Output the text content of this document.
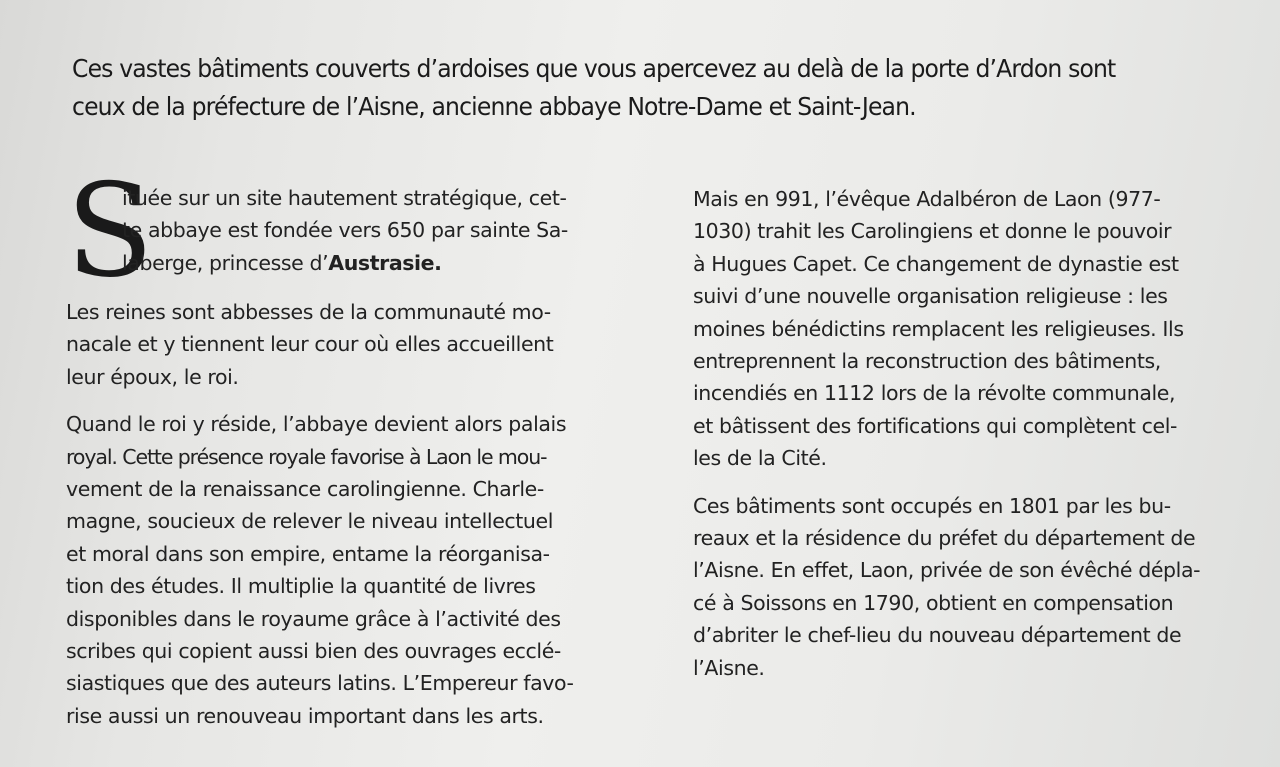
Ces vastes bâtiments couverts d’ardoises que vous apercevez au delà de la porte d’Ardon sont
ceux de la préfecture de l’Aisne, ancienne abbaye Notre-Dame et Saint-Jean.
S
ituée sur un site hautement stratégique, cet-
te abbaye est fondée vers 650 par sainte Sa-
laberge, princesse d’Austrasie.

Les reines sont abbesses de la communauté mo-
nacale et y tiennent leur cour où elles accueillent
leur époux, le roi.

Quand le roi y réside, l’abbaye devient alors palais
royal. Cette présence royale favorise à Laon le mou-
vement de la renaissance carolingienne. Charle-
magne, soucieux de relever le niveau intellectuel
et moral dans son empire, entame la réorganisa-
tion des études. Il multiplie la quantité de livres
disponibles dans le royaume grâce à l’activité des
scribes qui copient aussi bien des ouvrages ecclé-
siastiques que des auteurs latins. L’Empereur favo-
rise aussi un renouveau important dans les arts.

Mais en 991, l’évêque Adalbéron de Laon (977-
1030) trahit les Carolingiens et donne le pouvoir
à Hugues Capet. Ce changement de dynastie est
suivi d’une nouvelle organisation religieuse : les
moines bénédictins remplacent les religieuses. Ils
entreprennent la reconstruction des bâtiments,
incendiés en 1112 lors de la révolte communale,
et bâtissent des fortifications qui complètent cel-
les de la Cité.

Ces bâtiments sont occupés en 1801 par les bu-
reaux et la résidence du préfet du département de
l’Aisne. En effet, Laon, privée de son évêché dépla-
cé à Soissons en 1790, obtient en compensation
d’abriter le chef-lieu du nouveau département de
l’Aisne.
